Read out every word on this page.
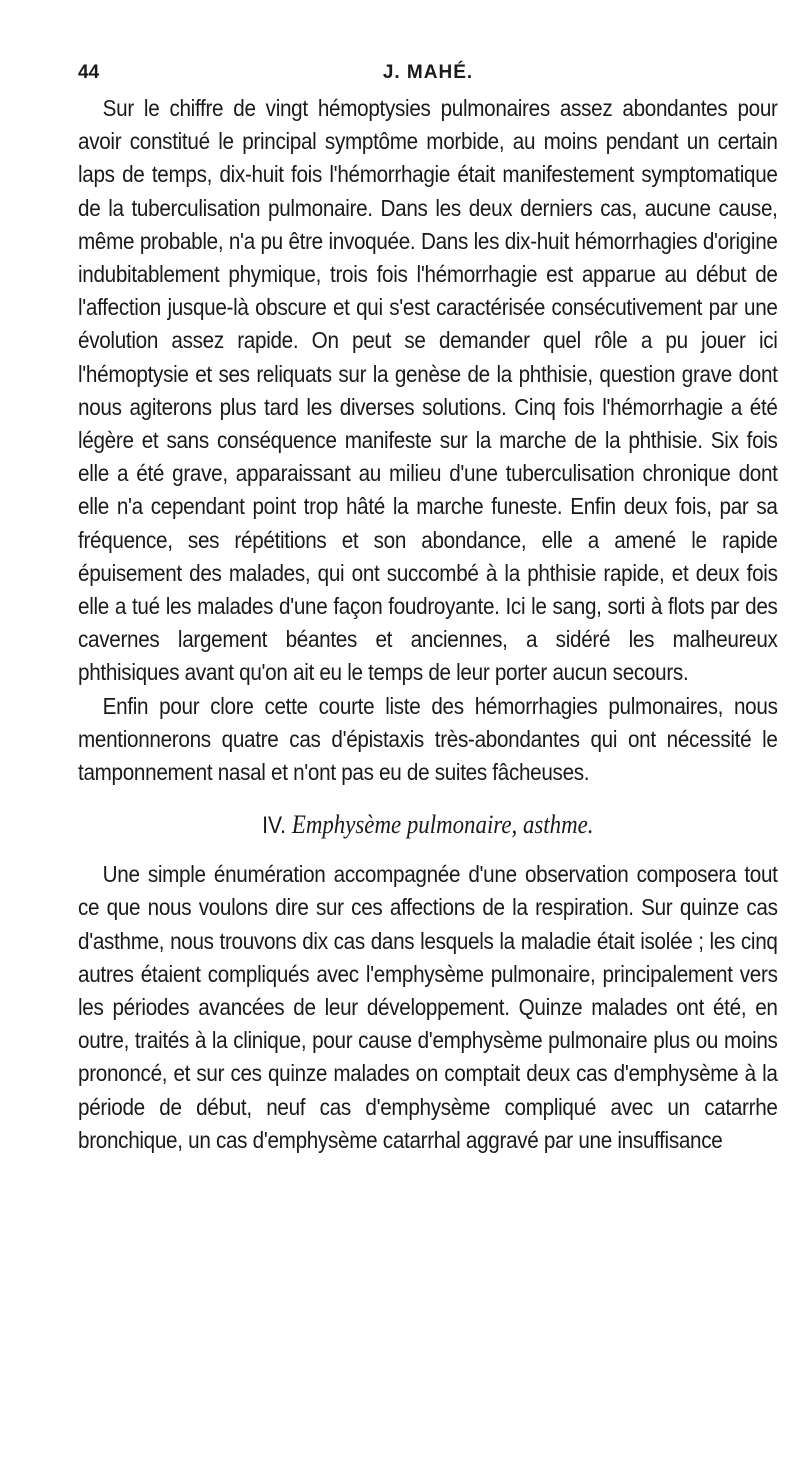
44	J. MAHÉ.

Sur le chiffre de vingt hémoptysies pulmonaires assez abondantes pour avoir constitué le principal symptôme morbide, au moins pendant un certain laps de temps, dix-huit fois l'hémorrhagie était manifestement symptomatique de la tuberculisation pulmonaire. Dans les deux derniers cas, aucune cause, même probable, n'a pu être invoquée. Dans les dix-huit hémorrhagies d'origine indubitablement phymique, trois fois l'hémorrhagie est apparue au début de l'affection jusque-là obscure et qui s'est caractérisée consécutivement par une évolution assez rapide. On peut se demander quel rôle a pu jouer ici l'hémoptysie et ses reliquats sur la genèse de la phthisie, question grave dont nous agiterons plus tard les diverses solutions. Cinq fois l'hémorrhagie a été légère et sans conséquence manifeste sur la marche de la phthisie. Six fois elle a été grave, apparaissant au milieu d'une tuberculisation chronique dont elle n'a cependant point trop hâté la marche funeste. Enfin deux fois, par sa fréquence, ses répétitions et son abondance, elle a amené le rapide épuisement des malades, qui ont succombé à la phthisie rapide, et deux fois elle a tué les malades d'une façon foudroyante. Ici le sang, sorti à flots par des cavernes largement béantes et anciennes, a sidéré les malheureux phthisiques avant qu'on ait eu le temps de leur porter aucun secours.

Enfin pour clore cette courte liste des hémorrhagies pulmonaires, nous mentionnerons quatre cas d'épistaxis très-abondantes qui ont nécessité le tamponnement nasal et n'ont pas eu de suites fâcheuses.

IV. Emphysème pulmonaire, asthme.

Une simple énumération accompagnée d'une observation composera tout ce que nous voulons dire sur ces affections de la respiration. Sur quinze cas d'asthme, nous trouvons dix cas dans lesquels la maladie était isolée ; les cinq autres étaient compliqués avec l'emphysème pulmonaire, principalement vers les périodes avancées de leur développement. Quinze malades ont été, en outre, traités à la clinique, pour cause d'emphysème pulmonaire plus ou moins prononcé, et sur ces quinze malades on comptait deux cas d'emphysème à la période de début, neuf cas d'emphysème compliqué avec un catarrhe bronchique, un cas d'emphysème catarrhal aggravé par une insuffisance
